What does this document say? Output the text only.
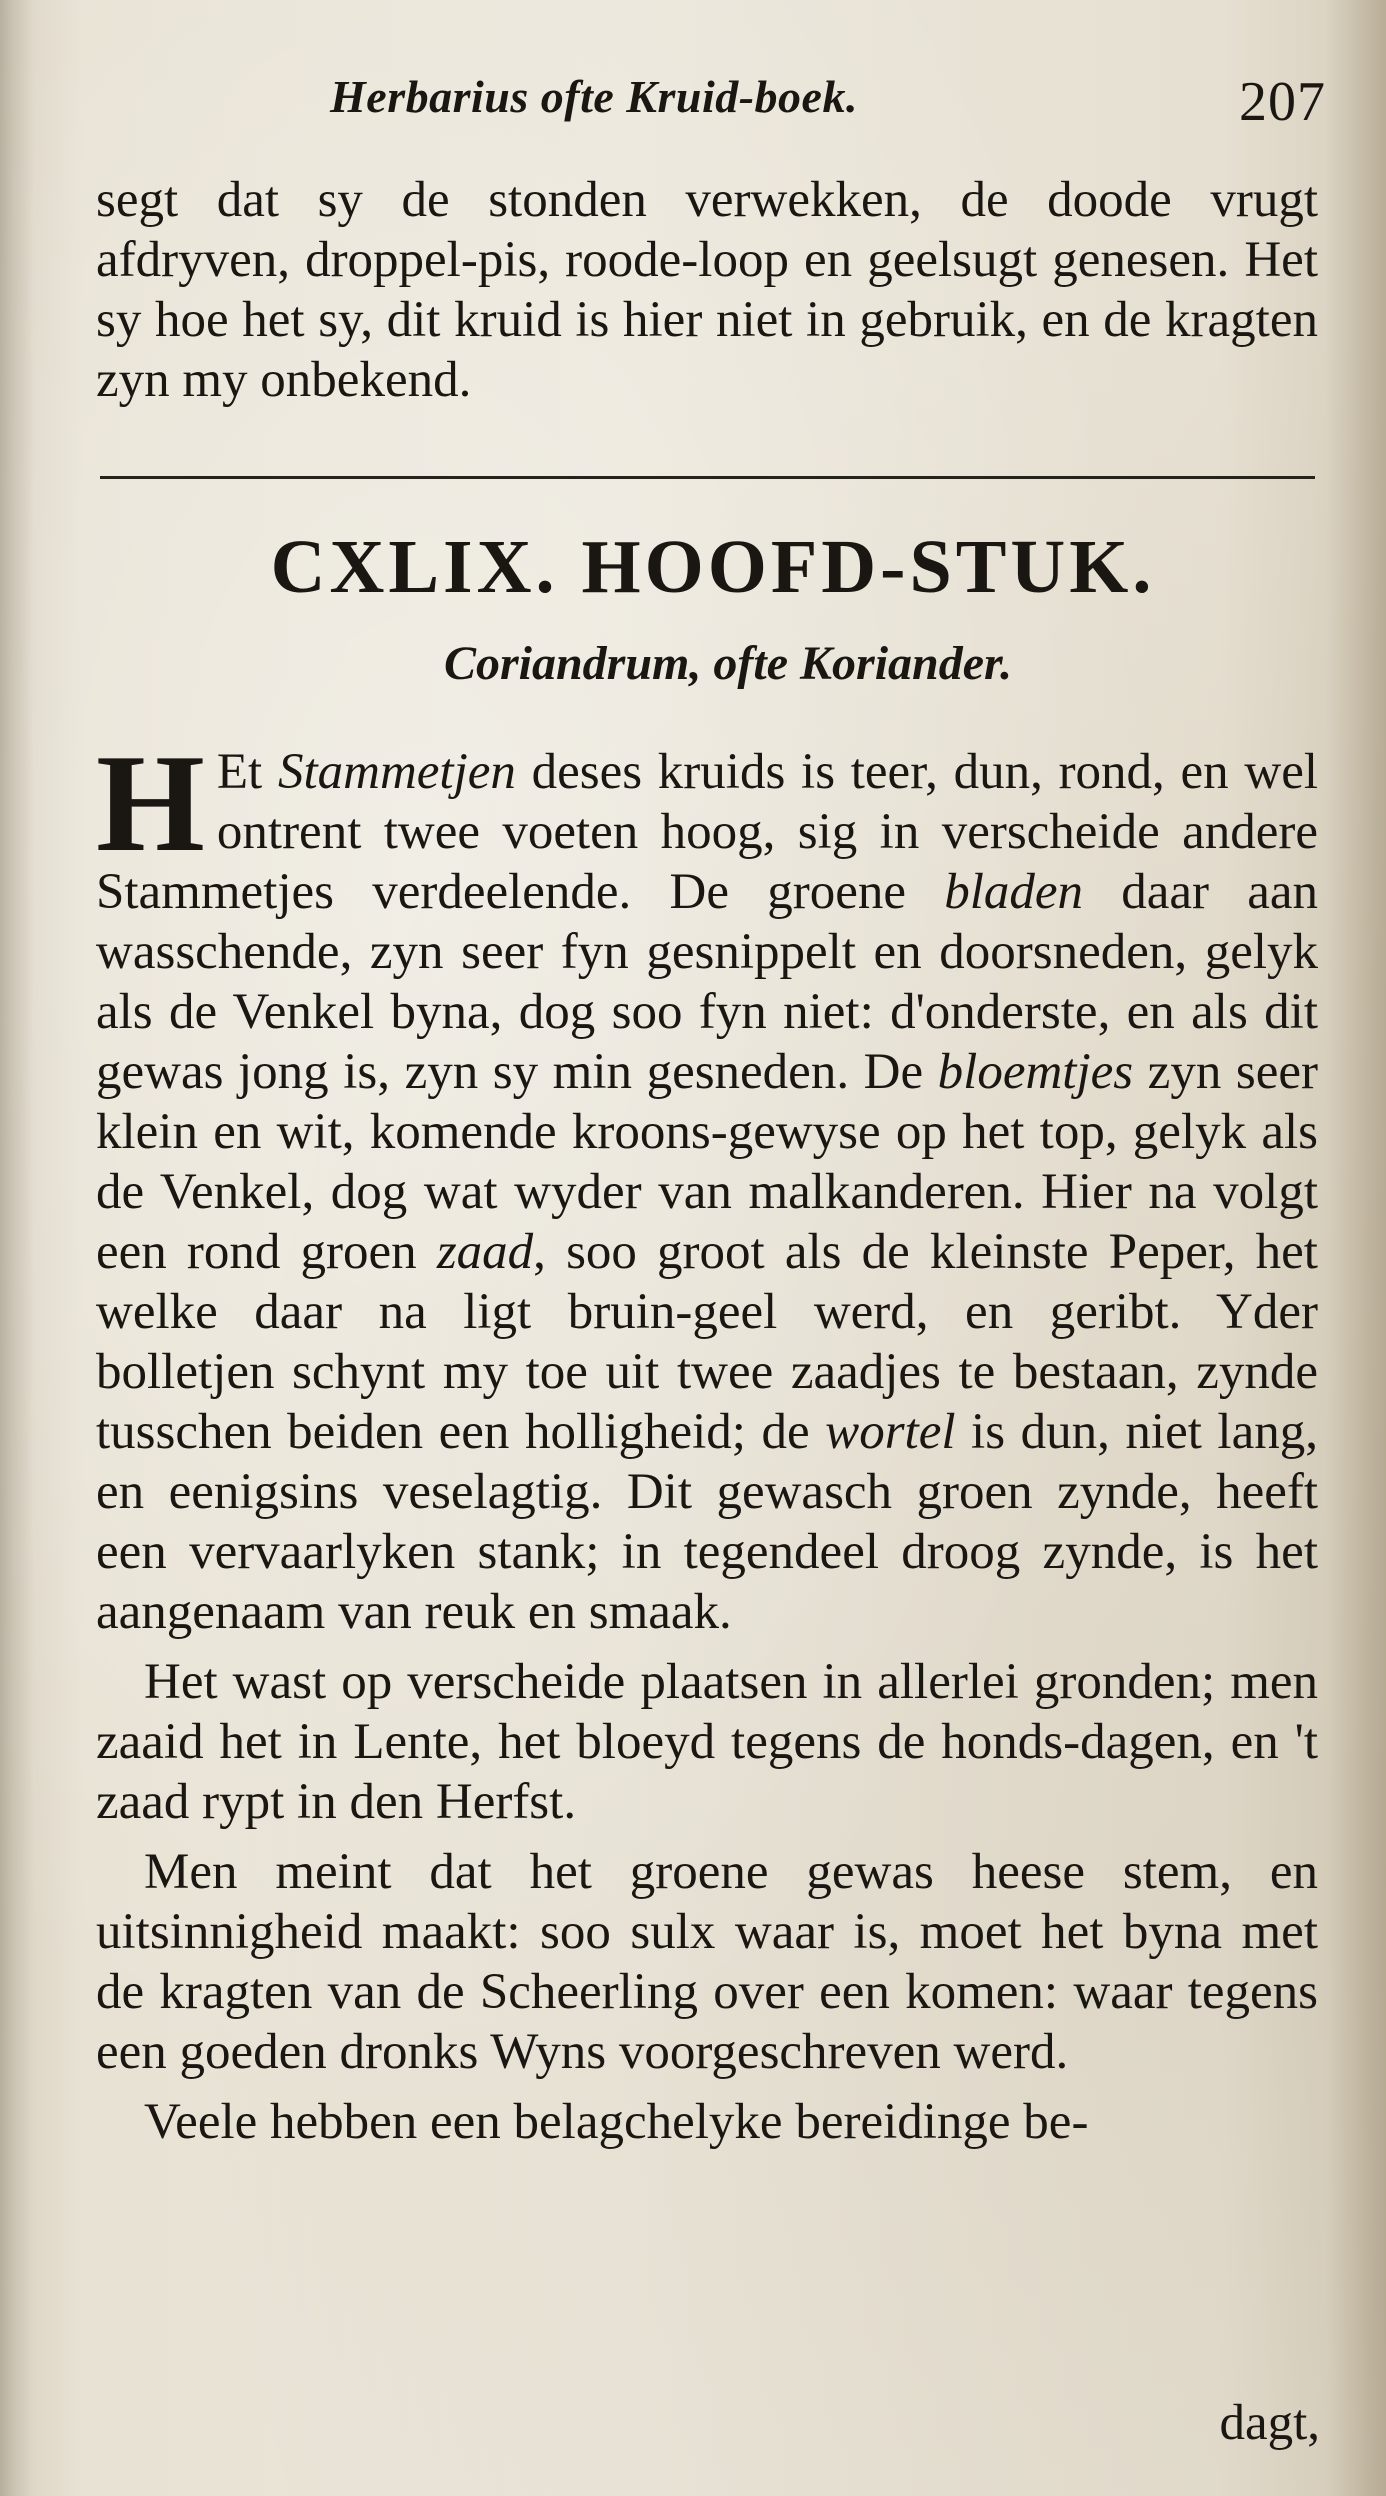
Herbarius ofte Kruid-boek.	207

segt dat sy de stonden verwekken, de doode vrugt afdryven, droppel-pis, roode-loop en geelsugt genesen. Het sy hoe het sy, dit kruid is hier niet in gebruik, en de kragten zyn my onbekend.

CXLIX. HOOFD-STUK.
Coriandrum, ofte Koriander.

H Et Stammetjen deses kruids is teer, dun, rond, en wel ontrent twee voeten hoog, sig in verscheide andere Stammetjes verdeelende. De groene bladen daar aan wasschende, zyn seer fyn gesnippelt en doorsneden, gelyk als de Venkel byna, dog soo fyn niet: d'onderste, en als dit gewas jong is, zyn sy min gesneden. De bloemtjes zyn seer klein en wit, komende kroons-gewyse op het top, gelyk als de Venkel, dog wat wyder van malkanderen. Hier na volgt een rond groen zaad, soo groot als de kleinste Peper, het welke daar na ligt bruin-geel werd, en geribt. Yder bolletjen schynt my toe uit twee zaadjes te bestaan, zynde tusschen beiden een holligheid; de wortel is dun, niet lang, en eenigsins veselagtig. Dit gewasch groen zynde, heeft een vervaarlyken stank; in tegendeel droog zynde, is het aangenaam van reuk en smaak.

Het wast op verscheide plaatsen in allerlei gronden; men zaaid het in Lente, het bloeyd tegens de honds-dagen, en 't zaad rypt in den Herfst.

Men meint dat het groene gewas heese stem, en uitsinnigheid maakt: soo sulx waar is, moet het byna met de kragten van de Scheerling over een komen: waar tegens een goeden dronks Wyns voorgeschreven werd.

Veele hebben een belagchelyke bereidinge be-

dagt,
